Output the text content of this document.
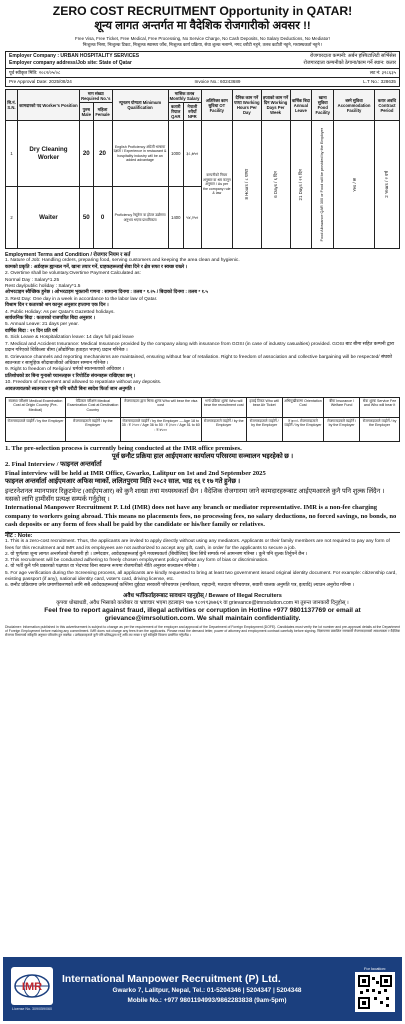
ZERO COST RECRUITMENT Opportunity in QATAR!
शून्य लागत अन्तर्गत मा वैदेशिक रोजगारीको अवसर !!
Free Visa, Free Ticket, Free Medical, Free Processing, No Service Charge, No Cash Deposits, No Salary Deductions, No Mediator!
निःशुल्क भिसा, निःशुल्क टिकट, निःशुल्क स्वास्थ्य जाँच, निःशुल्क कार्य प्रक्रिया, सेवा शुल्क नलाग्ने, नगद धरौटी नहुने, तलब कटौती नहुने, मध्यस्थकर्ता नहुने !
Employer Company : URBAN HOSPITALITY SERVICES	रोजगारदाता कम्पनी: अर्बन हस्पिटालिटी सर्भिसेस
Employer company address/Job site: State of Qatar	रोजगारदाता कम्पनीको ठेगाना/काम गर्ने स्थान: कतार
पूर्व स्वीकृत मिति: २०८२/०५/०८	लट नं: ३२८६३५
Pre Approval Date: 2025/08/24	Invoice No.: 60243689	L.T No.: 328635
सि.नं. S.N.	कामदारको पद Worker's Position	माग संख्या Required No.'s		न्यूनतम योग्यता Minimum Qualification	मासिक तलब Monthly Salary		अतिरिक्त काम सुविधा OT Facility	दैनिक काम गर्ने घण्टा Working Hours Per Day	हप्ताको काम गर्ने दिन Working Days Per Week	वार्षिक बिदा Annual Leave	खाना सुविधा Food Facility	बस्ने सुविधा Accommodation Facility	करार अवधि Contract Period
		पुरुष Male	महिला Female		कतारी रियाल QAR	नेपाली रुपैयाँ NPR							
1	Dry Cleaning Worker	20	20	English Proficiency अंग्रेजी भाषामा दक्षता / Experience in restaurant & hospitality industry will be an added advantage	1000	३८,७५०	कम्पनीको नियम अनुसार वा श्रम कानून अनुसार / As per the company rule & law	8 Hours / ८ घण्टा	6 Days / ६ दिन	21 Days / २१ दिन	Food Allowance QAR 300 or Food will be provided by the Employer	Yes / छ	2 Years / २ वर्ष

2	Waiter	50	0	Proficiency रेस्टुरेन्ट वा होटल उद्योगमा अनुभव भएमा प्राथमिकता	1400	५४,२५०							
Employment Terms and Condition / रोजगार नियम र सर्त
1. Nature of Job: Handling orders, preparing food, serving customers and keeping the area clean and hygienic.
कामको प्रकृति : अर्डरहरू ह्यान्डल गर्ने, खाना तयार गर्ने, ग्राहकहरूलाई सेवा दिने र क्षेत्र सफा र स्वच्छ राख्ने ।
2. Overtime shall be voluntary.Overtime Payment Calculated as:
Normal Day : Salary*1.25
Rest day/public holiday : Salary*1.5
ओभरटाइम स्वैच्छिक हुनेछ । ओभरटाइम भुक्तानी गणना : सामान्य दिनमा : तलब * १.२५ / बिदाको दिनमा : तलब * १.५
3. Rest Day: One day in a week in accordance to the labor law of Qatar.
विश्राम दिन र कतारको श्रम कानून अनुसार हप्तामा एक दिन ।
4. Public Holiday: As per Qatar's Gazetted holidays.
सार्वजनिक बिदा : कतारको राजपत्रित बिदा अनुसार ।
5. Annual Leave: 21 days per year.
वार्षिक बिदा : २१ दिन प्रति वर्ष
6. Sick Leave & Hospitalization leave: 14 days full paid leave
7. Medical and Accident Insurance: Medical Insurance provided by the company along with insurance from GOSI (in case of industry casualties) provided. GOSI बाट बीमा सहित कम्पनी द्वारा प्रदान गरिएको चिकित्सा बीमा (औद्योगिक हताहत भएमा) प्रदान गरिनेछ ।
8. Grievance channels and reporting mechanisms are maintained, ensuring without fear of retaliation. Right to freedom of association and collective bargaining will be respected/ संघको स्वतन्त्रता र सामूहिक सौदाबाजीको अधिकार सम्मान गरिनेछ ।
9. Right to freedom of Religion/ धर्मको स्वतन्त्रताको अधिकार ।
प्रतिशोधको डर बिना गुनासो च्यानलहरू र रिपोर्टिङ संयन्त्रहरू राखिएका छन् ।
10. Freedom of movement and allowed to repatriate without any deposits.
आवतजावतको स्वतन्त्रता र कुनै पनि धरौटी बिना स्वदेश फिर्ता जान अनुमति ।
स्वास्थ्य परीक्षण Medical Examination Cost at Origin Country (Pre-Medical)	मेडिकल परीक्षण Medical Examination Cost at Destination Country	रोजगारदाता द्वारा भिसा शुल्क Who will bear the visa cost	भर्ना प्रक्रिया शुल्क Who will bear the recruitment cost	हवाई टिकट Who will bear Air Ticket	अभिमुखीकरण Orientation Cost	बीमा Insurance / Welfare Fund	सेवा शुल्क Service Fee and Who will bear it
रोजगारदाताले व्यहोर्ने / by the Employer	रोजगारदाताले व्यहोर्ने / by the Employer	रोजगारदाताले व्यहोर्ने / by the Employer — Age 18 to 35 : रु २५०० / Age 36 to 50 : रु ३५०० / Age 51 to 60 : रु ४५००	रोजगारदाताले व्यहोर्ने / by the Employer	रोजगारदाताले व्यहोर्ने / by the Employer	रु ७००/- रोजगारदाताले व्यहोर्ने / by the Employer	रोजगारदाताले व्यहोर्ने / by the Employer	रोजगारदाताले व्यहोर्ने / by the Employer
1. The pre-selection process is currently being conducted at the IMR office premises.
पूर्व छनौट प्रक्रिया हाल आईएमआर कार्यालय परिसरमा सञ्चालन भइरहेको छ ।
2. Final Interview / फाइनल अन्तर्वार्ता
Final interview will be held at IMR Office, Gwarko, Lalitpur on 1st and 2nd September 2025
फाइनल अन्तर्वार्ता आईएमआर अफिस ग्वार्को, ललितपुरमा मिति २०८२ साल, भाद्र १६ र १७ गते हुनेछ ।
इन्टरनेशनल म्यानपावर रिक्रुटमेन्ट (आईएमआर) को कुनै शाखा तथा मध्यस्थकर्ता छैन । वैदेशिक रोजगारमा जाने कामदारहरूबाट आईएमआरले कुनै पनि शुल्क लिंदैन । यसको लागि हामीसँग प्रत्यक्ष सम्पर्क गर्नुहोस् ।
International Manpower Recruitment P. Ltd (IMR) does not have any branch or mediator representative. IMR is a non-fee charging company to workers going abroad. This means no placements fees, no processing fees, no salary deductions, no forced savings, no bonds, no cash deposits or any form of fees shall be paid by the candidate or his/her family or relatives.
नोट : Note:
1. This is a zero-cost recruitment. Thus, the applicants are invited to apply directly without using any mediators. Applicants or their family members are not required to pay any form of fees for this recruitment and IMR and its employees are not authorized to accept any gift, cash, in order for the applicants to secure a job.
2. यो पूर्णतया शून्य लागत अन्तर्गतको रोजगारी हो । उम्मेदवार, आवेदकहरूलाई कुनै मध्यस्थकर्ता (बिचौलिया) बिना सिधै सम्पर्क गर्न आमन्त्रण गरिन्छ । कुनै पनि शुल्क तिर्नुपर्ने छैन ।
3. This recruitment will be conducted adhering to freely chosen employment policy without any form of bias or discrimination.
4. यो भर्ती कुनै पनि प्रकारको पक्षपात वा भेदभाव बिना स्वतन्त्र रूपमा रोजगारीको नीति अनुसार सञ्चालन गरिनेछ ।
5. For age verification during the Screening process, all applicants are kindly requested to bring at least two government issued original identity document. For example: citizenship card, existing passport (if any), national identity card, voter's card, driving license, etc.
6. छनौट प्रक्रियामा उमेर प्रमाणीकरणको लागि सबै आवेदकहरूलाई कम्तिमा दुईवटा सरकारी परिचयपत्र (नागरिकता, राहदानी, मतदाता परिचयपत्र, सवारी चालक अनुमति पत्र, इत्यादि) ल्याउन अनुरोध गरिन्छ ।
अवैध भर्तीकर्ताहरूबाट सावधान रहनुहोस् / Beware of Illegal Recruiters
कृपया धोखाधडी, अवैध भिसाको कारोबार वा भ्रष्टाचार भएमा हटलाइन ९७७ ९८०११३७७६९ वा grievance@imrsolution.com मा तुरुन्त जानकारी दिनुहोस् ।
Feel free to report against fraud, illegal activities or corruption in Hotline +977 9801137769 or email at grievance@imrsolution.com. We shall maintain confidentiality.
Disclaimer: Information published in this advertisement is subject to change as per the requirement of the employer and approval of the Department of Foreign Employment (DOFE). Candidates must verify the lot number and pre-approval details at the Department of Foreign Employment before making any commitment. IMR does not charge any fees from the applicants. Please read the demand letter, power of attorney and employment contract carefully before signing. विज्ञापनमा प्रकाशित जानकारी रोजगारदाताको आवश्यकता र वैदेशिक रोजगार विभागको स्वीकृति अनुसार परिवर्तन हुन सक्नेछ । उम्मेदवारहरूले कुनै पनि प्रतिबद्धता गर्नु अघि लट नम्बर र पूर्व स्वीकृति विवरण प्रमाणित गर्नुपर्नेछ ।
IMR
License No. 309/059/060
International Manpower Recruitment (P) Ltd.
Gwarko 7, Lalitpur, Nepal, Tel.: 01-5204346 | 5204347 | 5204348
Mobile No.: +977 9801194993/9862283838 (9am-5pm)
For location:
